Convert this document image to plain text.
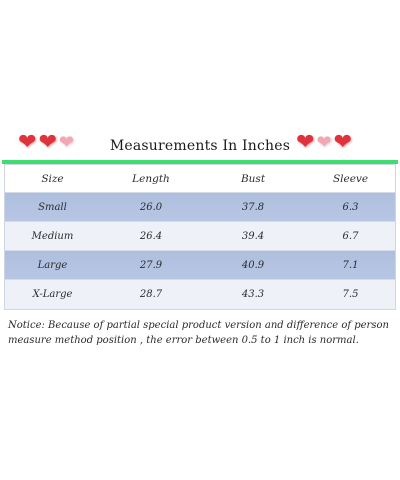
❤ ❤ ❤	Measurements In Inches ❤ ❤ ❤
Size	Length	Bust	Sleeve
Small	26.0	37.8	6.3
Medium	26.4	39.4	6.7
Large	27.9	40.9	7.1
X-Large	28.7	43.3	7.5
Notice: Because of partial special product version and difference of person measure method position , the error between 0.5 to 1 inch is normal.
